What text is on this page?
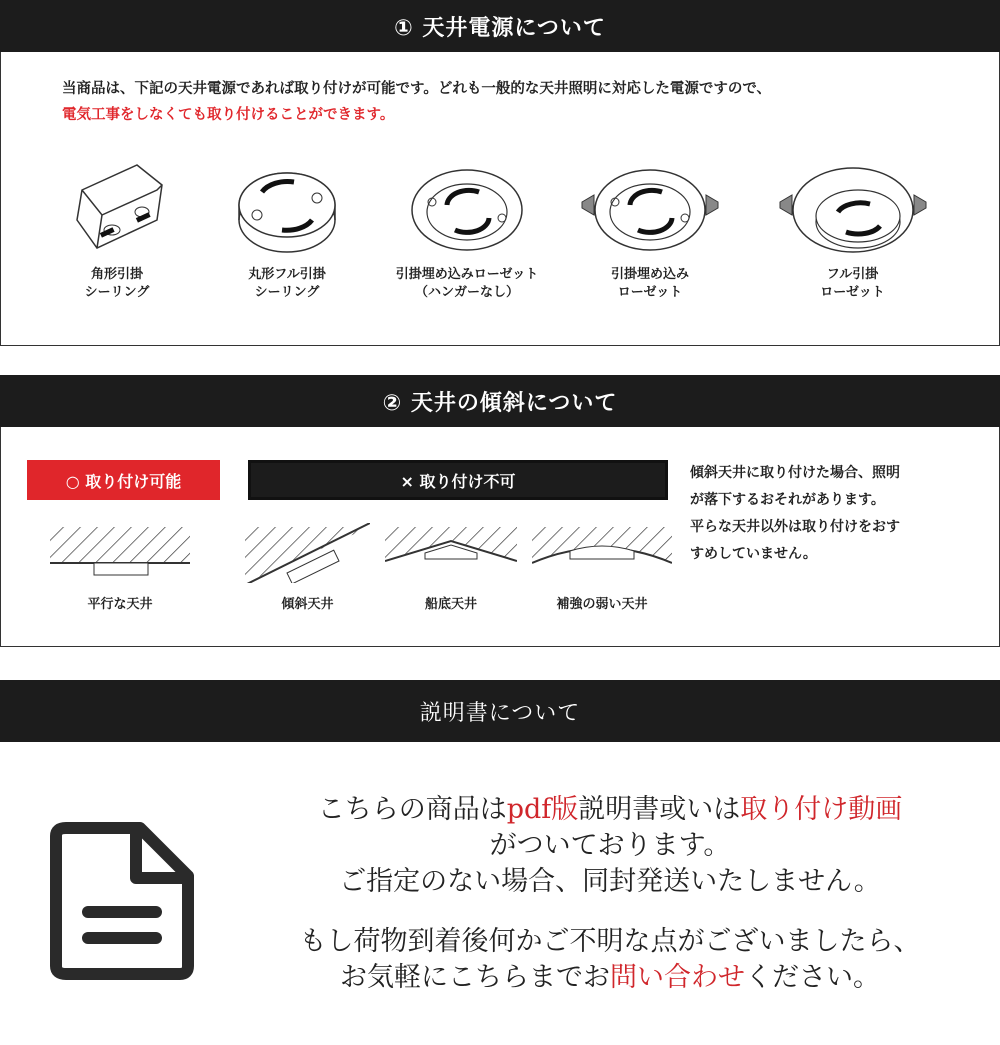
① 天井電源について
当商品は、下記の天井電源であれば取り付けが可能です。どれも一般的な天井照明に対応した電源ですので、
電気工事をしなくても取り付けることができます。
角形引掛
シーリング
丸形フル引掛
シーリング
引掛埋め込みローゼット
（ハンガーなし）
引掛埋め込み
ローゼット
フル引掛
ローゼット
② 天井の傾斜について
○ 取り付け可能	× 取り付け不可
平行な天井	傾斜天井	船底天井	補強の弱い天井
傾斜天井に取り付けた場合、照明
が落下するおそれがあります。
平らな天井以外は取り付けをおす
すめしていません。
説明書について
こちらの商品はpdf版説明書或いは取り付け動画
がついております。
ご指定のない場合、同封発送いたしません。
もし荷物到着後何かご不明な点がございましたら、
お気軽にこちらまでお問い合わせください。
